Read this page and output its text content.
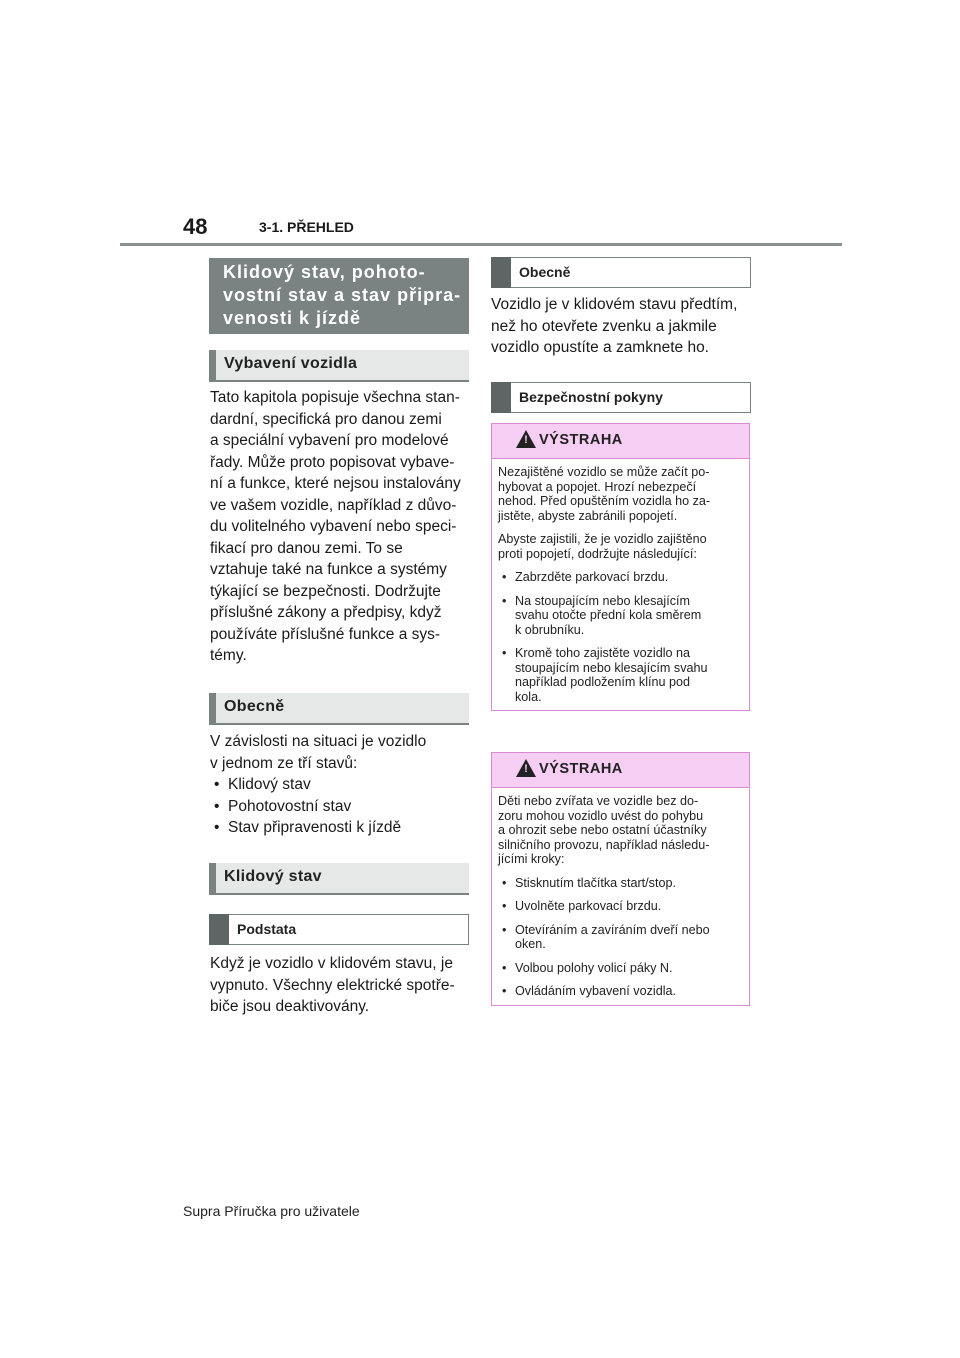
48	3-1. PŘEHLED
Klidový stav, pohoto-
vostní stav a stav připra-
venosti k jízdě
Vybavení vozidla

Tato kapitola popisuje všechna stan-
dardní, specifická pro danou zemi
a speciální vybavení pro modelové
řady. Může proto popisovat vybave-
ní a funkce, které nejsou instalovány
ve vašem vozidle, například z důvo-
du volitelného vybavení nebo speci-
fikací pro danou zemi. To se
vztahuje také na funkce a systémy
týkající se bezpečnosti. Dodržujte
příslušné zákony a předpisy, když
používáte příslušné funkce a sys-
témy.

Obecně

V závislosti na situaci je vozidlo
v jednom ze tří stavů:

• Klidový stav
• Pohotovostní stav
• Stav připravenosti k jízdě
Klidový stav
Podstata

Když je vozidlo v klidovém stavu, je
vypnuto. Všechny elektrické spotře-
biče jsou deaktivovány.

Obecně

Vozidlo je v klidovém stavu předtím,
než ho otevřete zvenku a jakmile
vozidlo opustíte a zamknete ho.

Bezpečnostní pokyny
! VÝSTRAHA

Nezajištěné vozidlo se může začít po-
hybovat a popojet. Hrozí nebezpečí
nehod. Před opuštěním vozidla ho za-
jistěte, abyste zabránili popojetí.

Abyste zajistili, že je vozidlo zajištěno
proti popojetí, dodržujte následující:

• Zabrzděte parkovací brzdu.
• Na stoupajícím nebo klesajícím
svahu otočte přední kola směrem
k obrubníku.
• Kromě toho zajistěte vozidlo na
stoupajícím nebo klesajícím svahu
například podložením klínu pod
kola.
! VÝSTRAHA

Děti nebo zvířata ve vozidle bez do-
zoru mohou vozidlo uvést do pohybu
a ohrozit sebe nebo ostatní účastníky
silničního provozu, například následu-
jícími kroky:

• Stisknutím tlačítka start/stop.
• Uvolněte parkovací brzdu.
• Otevíráním a zavíráním dveří nebo
oken.
• Volbou polohy volicí páky N.
• Ovládáním vybavení vozidla.
Supra Příručka pro uživatele
